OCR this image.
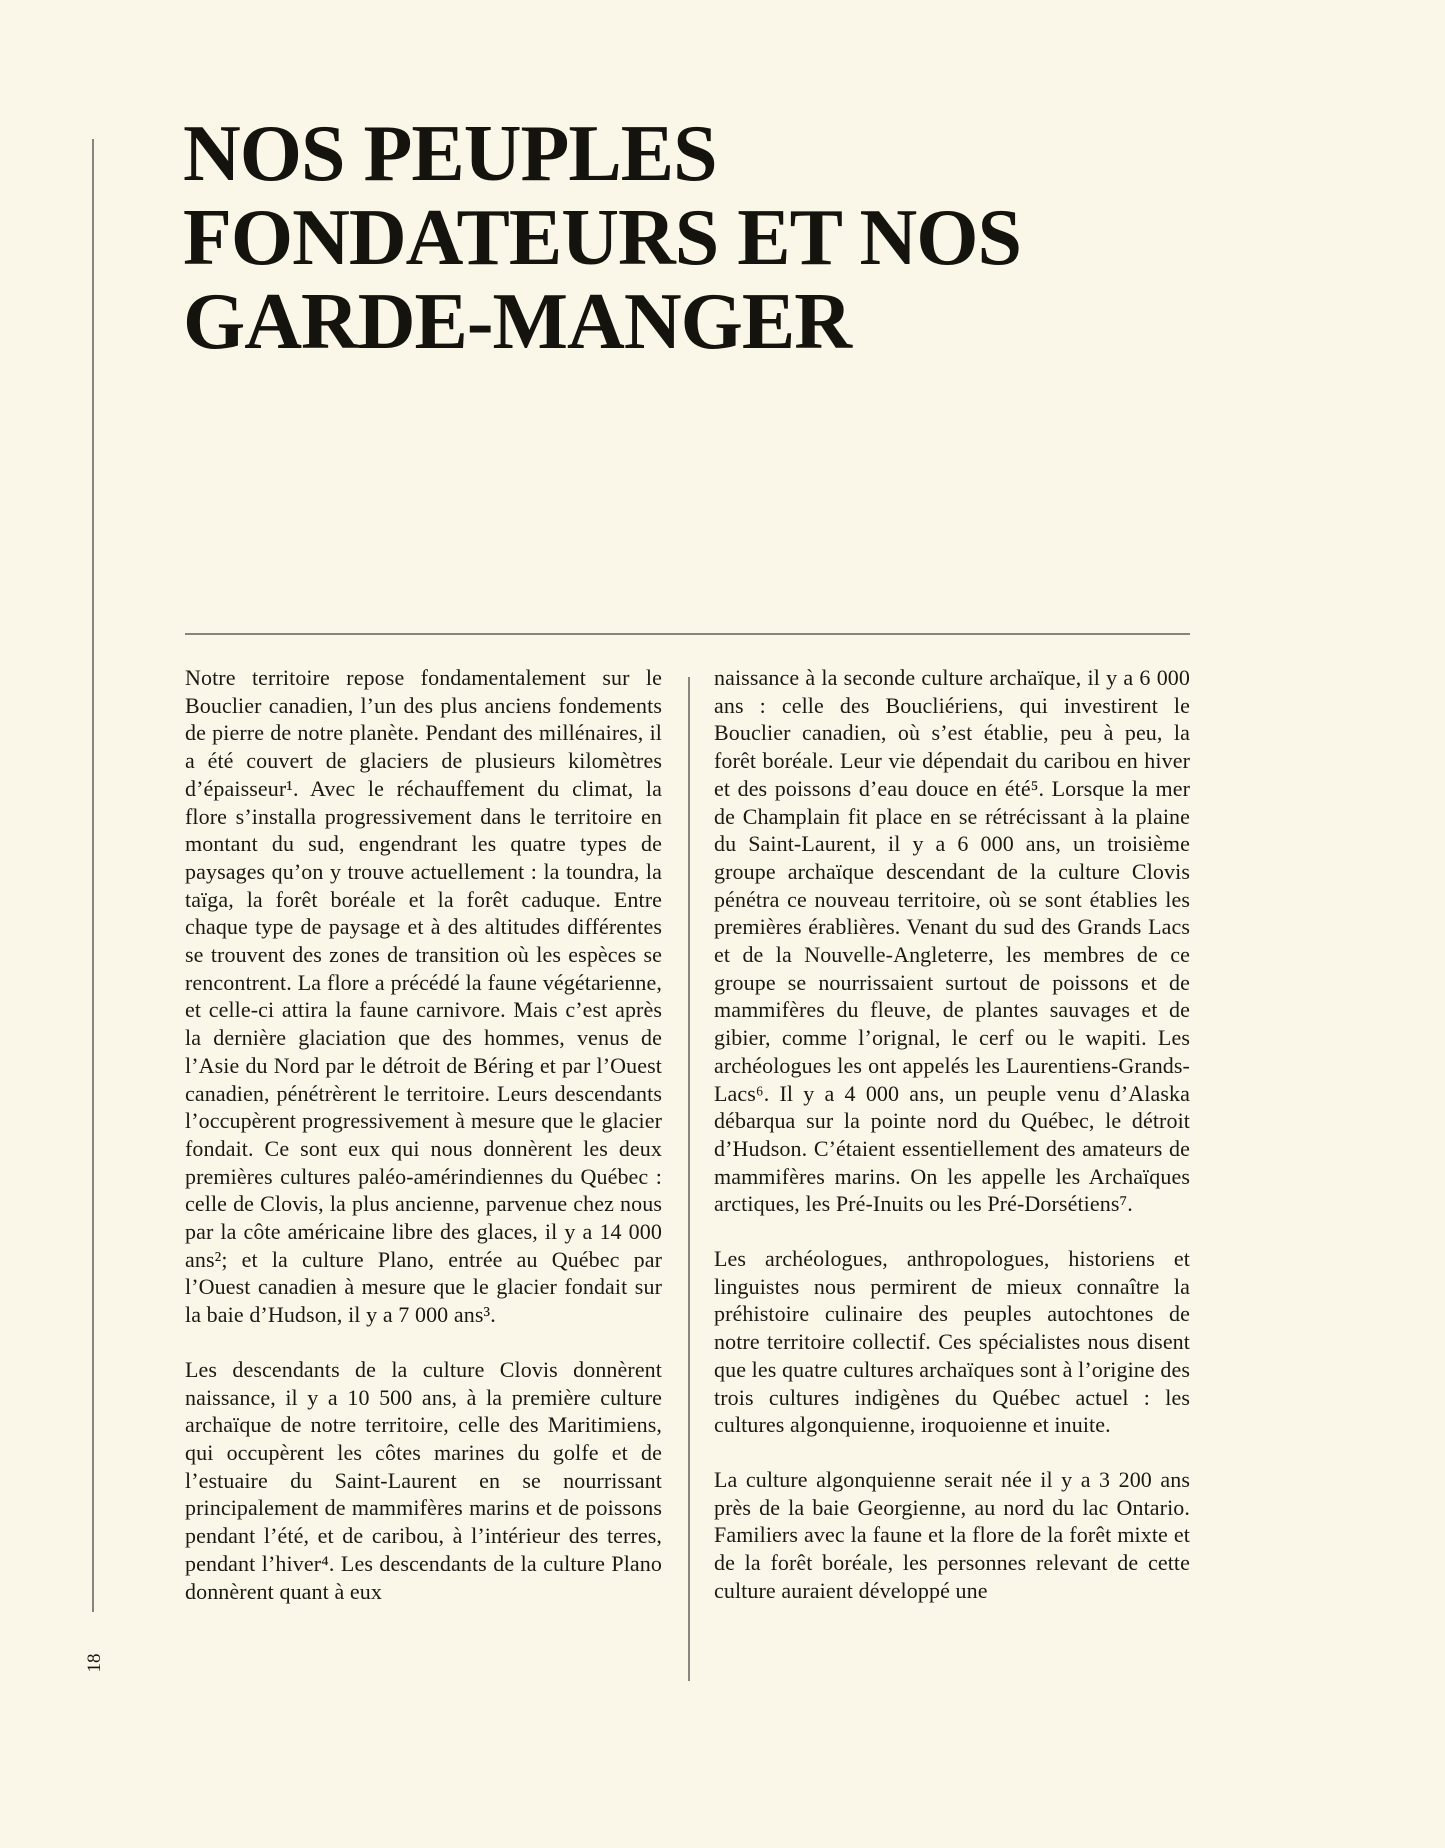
NOS PEUPLES
FONDATEURS ET NOS
GARDE-MANGER

Notre territoire repose fondamentalement sur le Bouclier canadien, l’un des plus anciens fondements de pierre de notre planète. Pendant des millénaires, il a été couvert de glaciers de plusieurs kilomètres d’épaisseur¹. Avec le réchauffement du climat, la flore s’installa progressivement dans le territoire en montant du sud, engendrant les quatre types de paysages qu’on y trouve actuellement : la toundra, la taïga, la forêt boréale et la forêt caduque. Entre chaque type de paysage et à des altitudes différentes se trouvent des zones de transition où les espèces se rencontrent. La flore a précédé la faune végétarienne, et celle-ci attira la faune carnivore. Mais c’est après la dernière glaciation que des hommes, venus de l’Asie du Nord par le détroit de Béring et par l’Ouest canadien, pénétrèrent le territoire. Leurs descendants l’occupèrent progressivement à mesure que le glacier fondait. Ce sont eux qui nous donnèrent les deux premières cultures paléo-amérindiennes du Québec : celle de Clovis, la plus ancienne, parvenue chez nous par la côte américaine libre des glaces, il y a 14 000 ans²; et la culture Plano, entrée au Québec par l’Ouest canadien à mesure que le glacier fondait sur la baie d’Hudson, il y a 7 000 ans³.

Les descendants de la culture Clovis donnèrent naissance, il y a 10 500 ans, à la première culture archaïque de notre territoire, celle des Maritimiens, qui occupèrent les côtes marines du golfe et de l’estuaire du Saint-Laurent en se nourrissant principalement de mammifères marins et de poissons pendant l’été, et de caribou, à l’intérieur des terres, pendant l’hiver⁴. Les descendants de la culture Plano donnèrent quant à eux

naissance à la seconde culture archaïque, il y a 6 000 ans : celle des Boucliériens, qui investirent le Bouclier canadien, où s’est établie, peu à peu, la forêt boréale. Leur vie dépendait du caribou en hiver et des poissons d’eau douce en été⁵. Lorsque la mer de Champlain fit place en se rétrécissant à la plaine du Saint-Laurent, il y a 6 000 ans, un troisième groupe archaïque descendant de la culture Clovis pénétra ce nouveau territoire, où se sont établies les premières érablières. Venant du sud des Grands Lacs et de la Nouvelle-Angleterre, les membres de ce groupe se nourrissaient surtout de poissons et de mammifères du fleuve, de plantes sauvages et de gibier, comme l’orignal, le cerf ou le wapiti. Les archéologues les ont appelés les Laurentiens-Grands-Lacs⁶. Il y a 4 000 ans, un peuple venu d’Alaska débarqua sur la pointe nord du Québec, le détroit d’Hudson. C’étaient essentiellement des amateurs de mammifères marins. On les appelle les Archaïques arctiques, les Pré-Inuits ou les Pré-Dorsétiens⁷.

Les archéologues, anthropologues, historiens et linguistes nous permirent de mieux connaître la préhistoire culinaire des peuples autochtones de notre territoire collectif. Ces spécialistes nous disent que les quatre cultures archaïques sont à l’origine des trois cultures indigènes du Québec actuel : les cultures algonquienne, iroquoienne et inuite.

La culture algonquienne serait née il y a 3 200 ans près de la baie Georgienne, au nord du lac Ontario. Familiers avec la faune et la flore de la forêt mixte et de la forêt boréale, les personnes relevant de cette culture auraient développé une

18
